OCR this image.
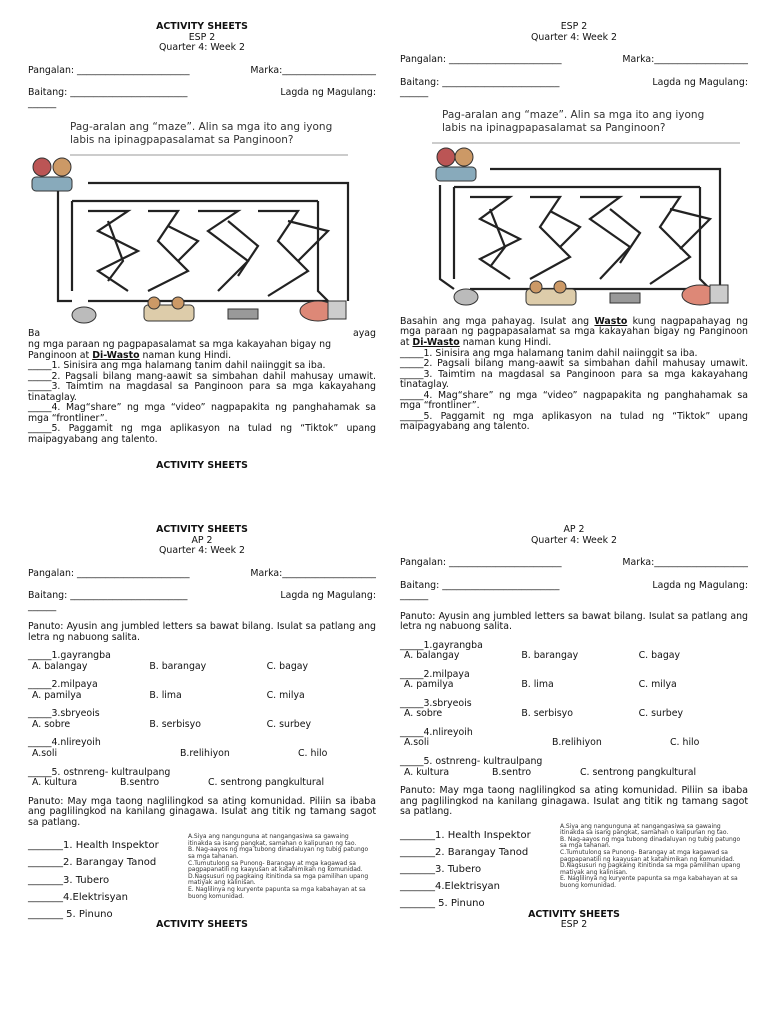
ACTIVITY SHEETS
ESP 2
Quarter 4: Week 2
Pangalan: ________________________	Marka:____________________
Baitang: _________________________	Lagda ng Magulang:
______
Pag-aralan ang “maze”. Alin sa mga ito ang iyong
labis na ipinagpapasalamat sa Panginoon?
Ba	ayag
ng mga paraan ng pagpapasalamat sa mga kakayahan bigay ng
Panginoon at Di-Wasto naman kung Hindi.
_____1. Sinisira ang mga halamang tanim dahil naiinggit sa iba.
_____2. Pagsali bilang mang-aawit sa simbahan dahil mahusay umawit. _____3. Taimtim na magdasal sa Panginoon para sa mga kakayahang tinataglay.
_____4. Mag“share” ng mga “video” nagpapakita ng panghahamak sa mga “frontliner”.
_____5. Paggamit ng mga aplikasyon na tulad ng “Tiktok” upang maipagyabang ang talento.
ACTIVITY SHEETS
ESP 2
Quarter 4: Week 2
Pangalan: ________________________	Marka:____________________
Baitang: _________________________	Lagda ng Magulang:
______
Pag-aralan ang “maze”. Alin sa mga ito ang iyong
labis na ipinagpapasalamat sa Panginoon?
Basahin ang mga pahayag. Isulat ang Wasto kung nagpapahayag ng mga paraan ng pagpapasalamat sa mga kakayahan bigay ng Panginoon at Di-Wasto naman kung Hindi.
_____1. Sinisira ang mga halamang tanim dahil naiinggit sa iba.
_____2. Pagsali bilang mang-aawit sa simbahan dahil mahusay umawit. _____3. Taimtim na magdasal sa Panginoon para sa mga kakayahang tinataglay.
_____4. Mag“share” ng mga “video” nagpapakita ng panghahamak sa mga “frontliner”.
_____5. Paggamit ng mga aplikasyon na tulad ng “Tiktok” upang maipagyabang ang talento.
ACTIVITY SHEETS
AP 2
Quarter 4: Week 2
Pangalan: ________________________	Marka:____________________
Baitang: _________________________	Lagda ng Magulang:
______
Panuto: Ayusin ang jumbled letters sa bawat bilang. Isulat sa patlang ang letra ng nabuong salita.
_____1.gayrangba
A. balangay	B. barangay	C. bagay
_____2.milpaya
A. pamilya	B. lima	C. milya
_____3.sbryeois
A. sobre	B. serbisyo	C. surbey
_____4.nlireyoih
A.soli	B.relihiyon	C. hilo
_____5. ostnreng- kultraulpang
A. kultura	B.sentro	C. sentrong pangkultural
Panuto: May mga taong naglilingkod sa ating komunidad. Piliin sa ibaba ang paglilingkod na kanilang ginagawa. Isulat ang titik ng tamang sagot sa patlang.
_______1. Health Inspektor
_______2. Barangay Tanod
_______3. Tubero
_______4.Elektrisyan
_______ 5. Pinuno
A.Siya ang nangunguna at nangangasiwa sa gawaing itinakda sa isang pangkat, samahan o kalipunan ng tao.
B. Nag-aayos ng mga tubong dinadaluyan ng tubig patungo sa mga tahanan.
C.Tumutulong sa Punong- Barangay at mga kagawad sa pagpapanatili ng kaayusan at katahimikan ng komunidad.
D.Nagsusuri ng pagkaing itinitinda sa mga pamilihan upang matiyak ang kalinisan.
E. Naglilinya ng kuryente papunta sa mga kabahayan at sa buong komunidad.
ACTIVITY SHEETS
AP 2
Quarter 4: Week 2
Pangalan: ________________________	Marka:____________________
Baitang: _________________________	Lagda ng Magulang:
______
Panuto: Ayusin ang jumbled letters sa bawat bilang. Isulat sa patlang ang letra ng nabuong salita.
_____1.gayrangba
A. balangay	B. barangay	C. bagay
_____2.milpaya
A. pamilya	B. lima	C. milya
_____3.sbryeois
A. sobre	B. serbisyo	C. surbey
_____4.nlireyoih
A.soli	B.relihiyon	C. hilo
_____5. ostnreng- kultraulpang
A. kultura	B.sentro	C. sentrong pangkultural
Panuto: May mga taong naglilingkod sa ating komunidad. Piliin sa ibaba ang paglilingkod na kanilang ginagawa. Isulat ang titik ng tamang sagot sa patlang.
_______1. Health Inspektor
_______2. Barangay Tanod
_______3. Tubero
_______4.Elektrisyan
_______ 5. Pinuno
A.Siya ang nangunguna at nangangasiwa sa gawaing itinakda sa isang pangkat, samahan o kalipunan ng tao.
B. Nag-aayos ng mga tubong dinadaluyan ng tubig patungo sa mga tahanan.
C.Tumutulong sa Punong- Barangay at mga kagawad sa pagpapanatili ng kaayusan at katahimikan ng komunidad.
D.Nagsusuri ng pagkaing itinitinda sa mga pamilihan upang matiyak ang kalinisan.
E. Naglilinya ng kuryente papunta sa mga kabahayan at sa buong komunidad.
ACTIVITY SHEETS
ESP 2
